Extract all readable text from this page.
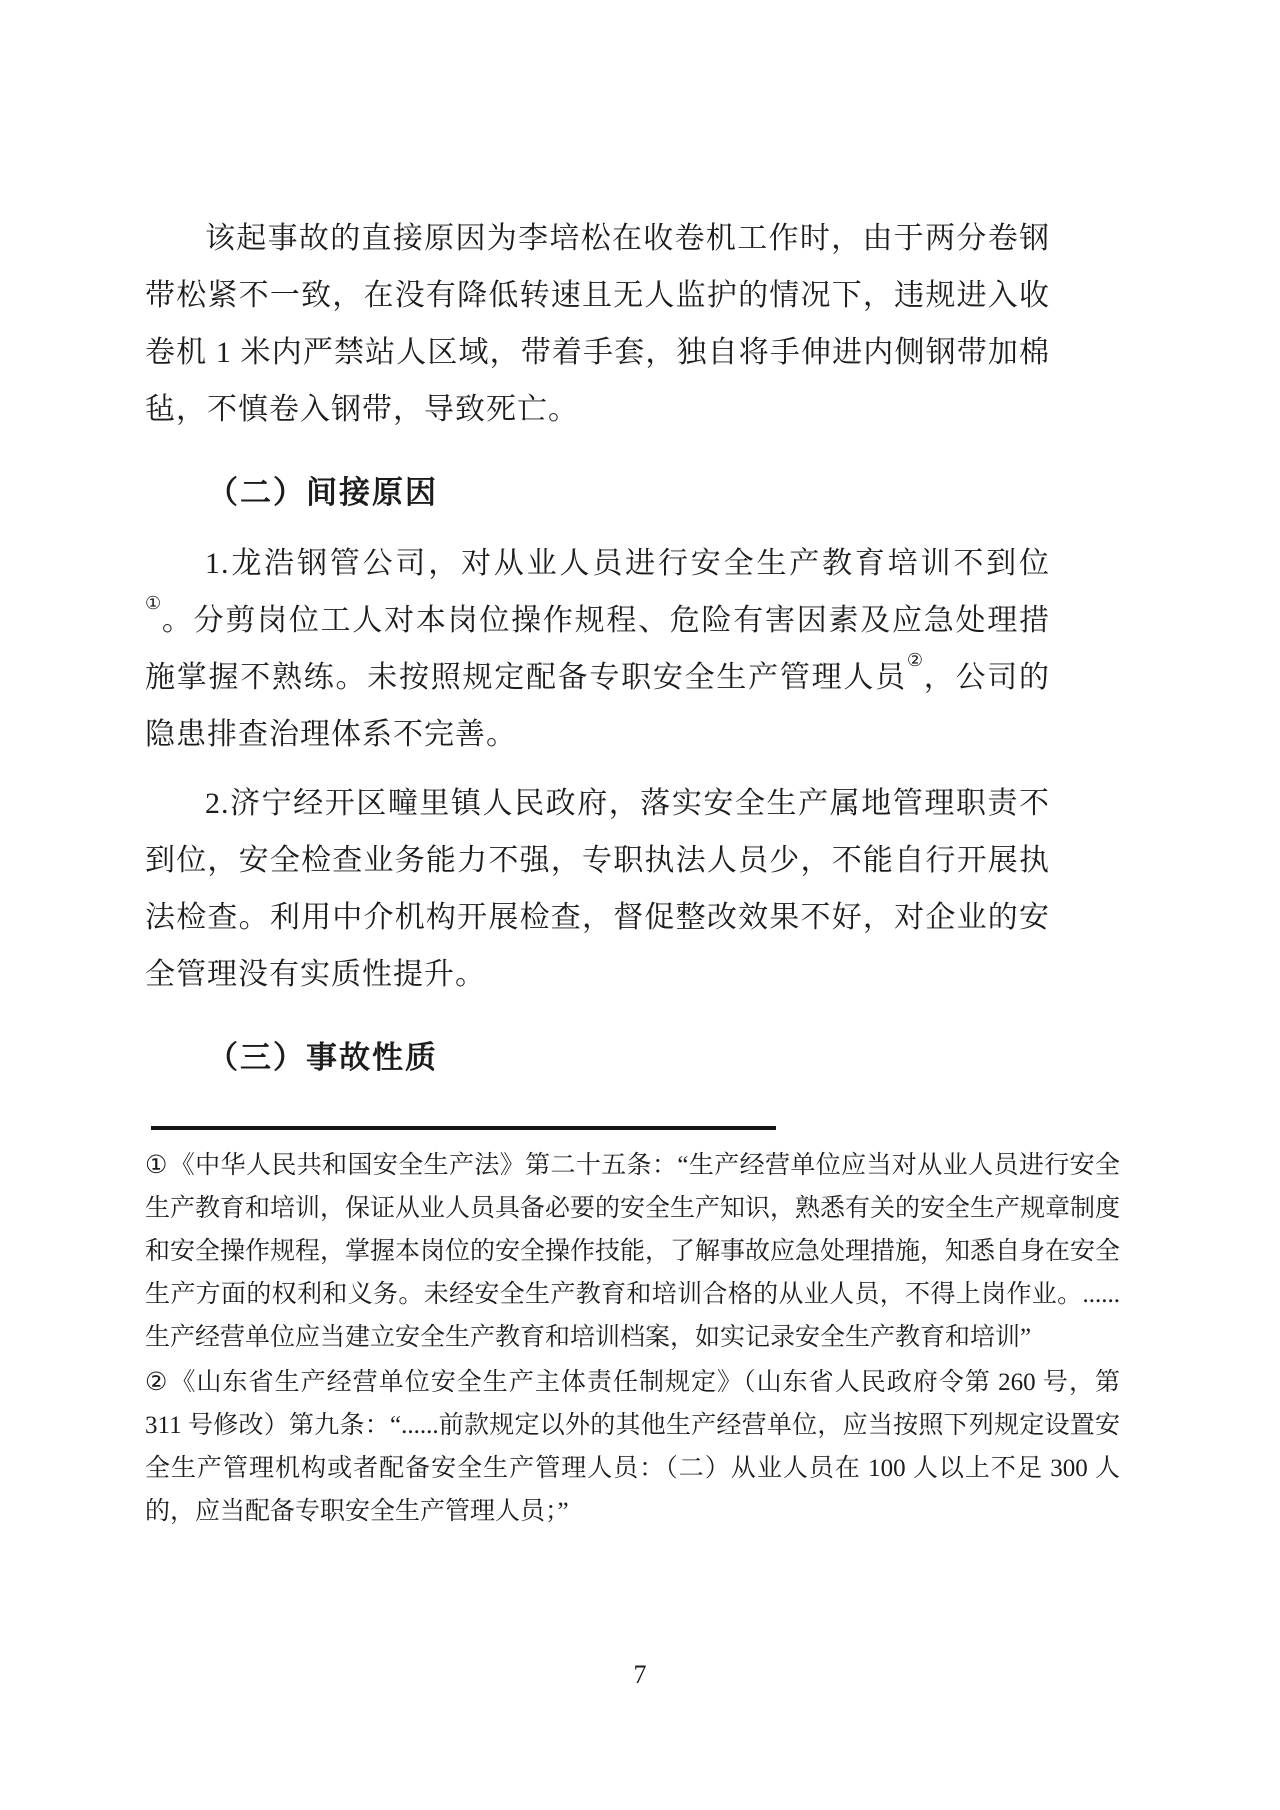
该起事故的直接原因为李培松在收卷机工作时，由于两分卷钢带松紧不一致，在没有降低转速且无人监护的情况下，违规进入收卷机 1 米内严禁站人区域，带着手套，独自将手伸进内侧钢带加棉毡，不慎卷入钢带，导致死亡。

（二）间接原因

1.龙浩钢管公司，对从业人员进行安全生产教育培训不到位①。分剪岗位工人对本岗位操作规程、危险有害因素及应急处理措施掌握不熟练。未按照规定配备专职安全生产管理人员②，公司的隐患排查治理体系不完善。

2.济宁经开区疃里镇人民政府，落实安全生产属地管理职责不到位，安全检查业务能力不强，专职执法人员少，不能自行开展执法检查。利用中介机构开展检查，督促整改效果不好，对企业的安全管理没有实质性提升。

（三）事故性质

①《中华人民共和国安全生产法》第二十五条：“生产经营单位应当对从业人员进行安全生产教育和培训，保证从业人员具备必要的安全生产知识，熟悉有关的安全生产规章制度和安全操作规程，掌握本岗位的安全操作技能，了解事故应急处理措施，知悉自身在安全生产方面的权利和义务。未经安全生产教育和培训合格的从业人员，不得上岗作业。......生产经营单位应当建立安全生产教育和培训档案，如实记录安全生产教育和培训”

②《山东省生产经营单位安全生产主体责任制规定》（山东省人民政府令第 260 号，第 311 号修改）第九条：“......前款规定以外的其他生产经营单位，应当按照下列规定设置安全生产管理机构或者配备安全生产管理人员：（二）从业人员在 100 人以上不足 300 人的，应当配备专职安全生产管理人员；”

7
